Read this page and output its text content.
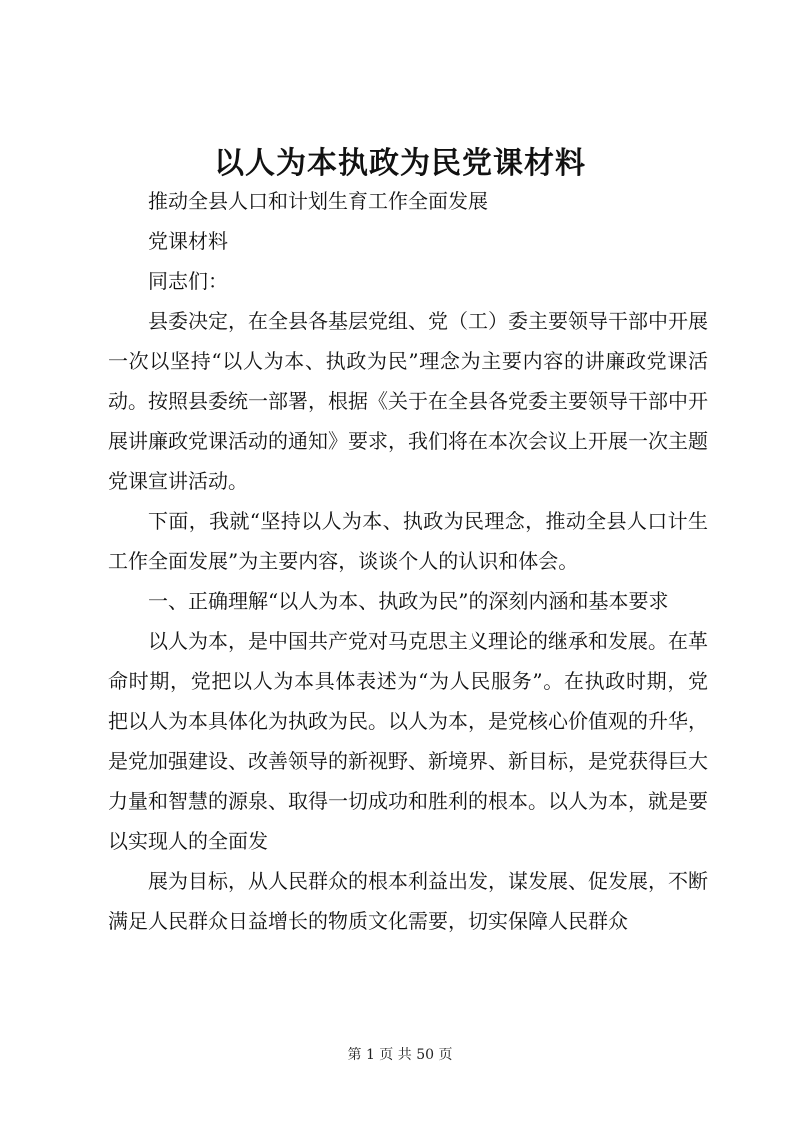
以人为本执政为民党课材料

推动全县人口和计划生育工作全面发展

党课材料

同志们：

县委决定，在全县各基层党组、党（工）委主要领导干部中开展一次以坚持“以人为本、执政为民”理念为主要内容的讲廉政党课活动。按照县委统一部署，根据《关于在全县各党委主要领导干部中开展讲廉政党课活动的通知》要求，我们将在本次会议上开展一次主题党课宣讲活动。

下面，我就“坚持以人为本、执政为民理念，推动全县人口计生工作全面发展”为主要内容，谈谈个人的认识和体会。

一、正确理解“以人为本、执政为民”的深刻内涵和基本要求

以人为本，是中国共产党对马克思主义理论的继承和发展。在革命时期，党把以人为本具体表述为“为人民服务”。在执政时期，党把以人为本具体化为执政为民。以人为本，是党核心价值观的升华，是党加强建设、改善领导的新视野、新境界、新目标，是党获得巨大力量和智慧的源泉、取得一切成功和胜利的根本。以人为本，就是要以实现人的全面发

展为目标，从人民群众的根本利益出发，谋发展、促发展，不断满足人民群众日益增长的物质文化需要，切实保障人民群众

第 1 页 共 50 页
